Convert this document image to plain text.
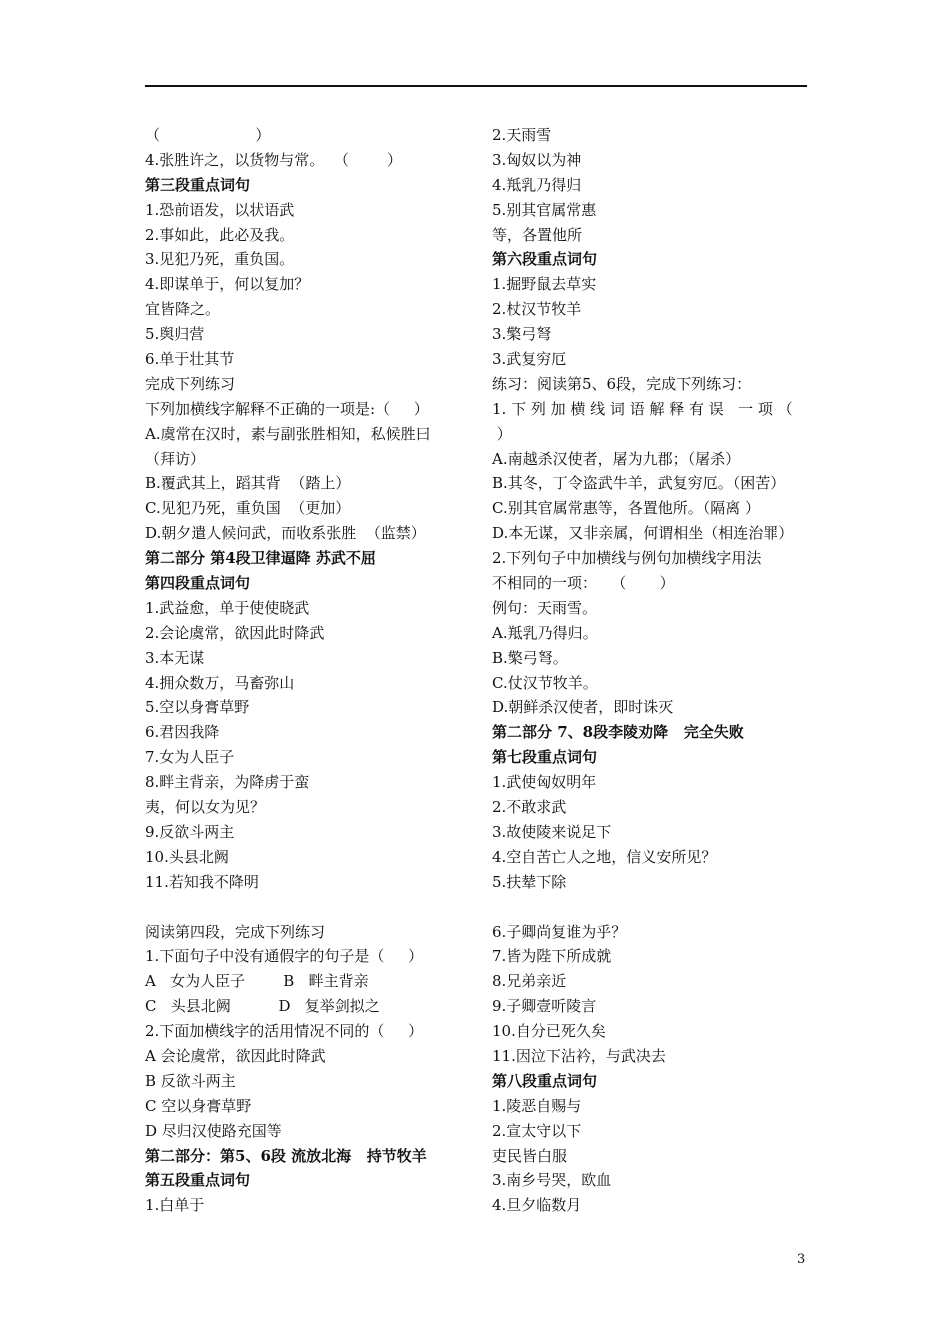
（                    ）
4.张胜许之，以货物与常。  （        ）
第三段重点词句
1.恐前语发，以状语武
2.事如此，此必及我。
3.见犯乃死，重负国。
4.即谋单于，何以复加？
宜皆降之。
5.舆归营
6.单于壮其节
完成下列练习
下列加横线字解释不正确的一项是:（     ）
A.虞常在汉时，素与副张胜相知，私候胜曰
（拜访）
B.覆武其上，蹈其背  （踏上）
C.见犯乃死，重负国  （更加）
D.朝夕遣人候问武，而收系张胜  （监禁）
第二部分 第4段卫律逼降 苏武不屈
第四段重点词句
1.武益愈，单于使使晓武
2.会论虞常，欲因此时降武
3.本无谋
4.拥众数万，马畜弥山
5.空以身膏草野
6.君因我降
7.女为人臣子
8.畔主背亲，为降虏于蛮
夷，何以女为见？
9.反欲斗两主
10.头县北阙
11.若知我不降明
阅读第四段，完成下列练习
1.下面句子中没有通假字的句子是（     ）
A   女为人臣子        B   畔主背亲
C   头县北阙          D   复举剑拟之
2.下面加横线字的活用情况不同的（     ）
A 会论虞常，欲因此时降武
B 反欲斗两主
C 空以身膏草野
D 尽归汉使路充国等
第二部分：第5、6段 流放北海   持节牧羊
第五段重点词句
1.白单于
2.天雨雪
3.匈奴以为神
4.羝乳乃得归
5.别其官属常惠
等，各置他所
第六段重点词句
1.掘野鼠去草实
2.杖汉节牧羊
3.檠弓弩
3.武复穷厄
练习：阅读第5、6段，完成下列练习：
1. 下 列 加 横 线 词 语 解 释 有 误   一 项 （
）
A.南越杀汉使者，屠为九郡；（屠杀）
B.其冬，丁令盗武牛羊，武复穷厄。（困苦）
C.别其官属常惠等，各置他所。（隔离 ）
D.本无谋，又非亲属，何谓相坐（相连治罪）
2.下列句子中加横线与例句加横线字用法
不相同的一项：   （       ）
例句：天雨雪。
A.羝乳乃得归。
B.檠弓弩。
C.仗汉节牧羊。
D.朝鲜杀汉使者，即时诛灭
第二部分 7、8段李陵劝降   完全失败
第七段重点词句
1.武使匈奴明年
2.不敢求武
3.故使陵来说足下
4.空自苦亡人之地，信义安所见？
5.扶辇下除
6.子卿尚复谁为乎？
7.皆为陛下所成就
8.兄弟亲近
9.子卿壹听陵言
10.自分已死久矣
11.因泣下沾衿，与武决去
第八段重点词句
1.陵恶自赐与
2.宣太守以下
吏民皆白服
3.南乡号哭，欧血
4.旦夕临数月
3
